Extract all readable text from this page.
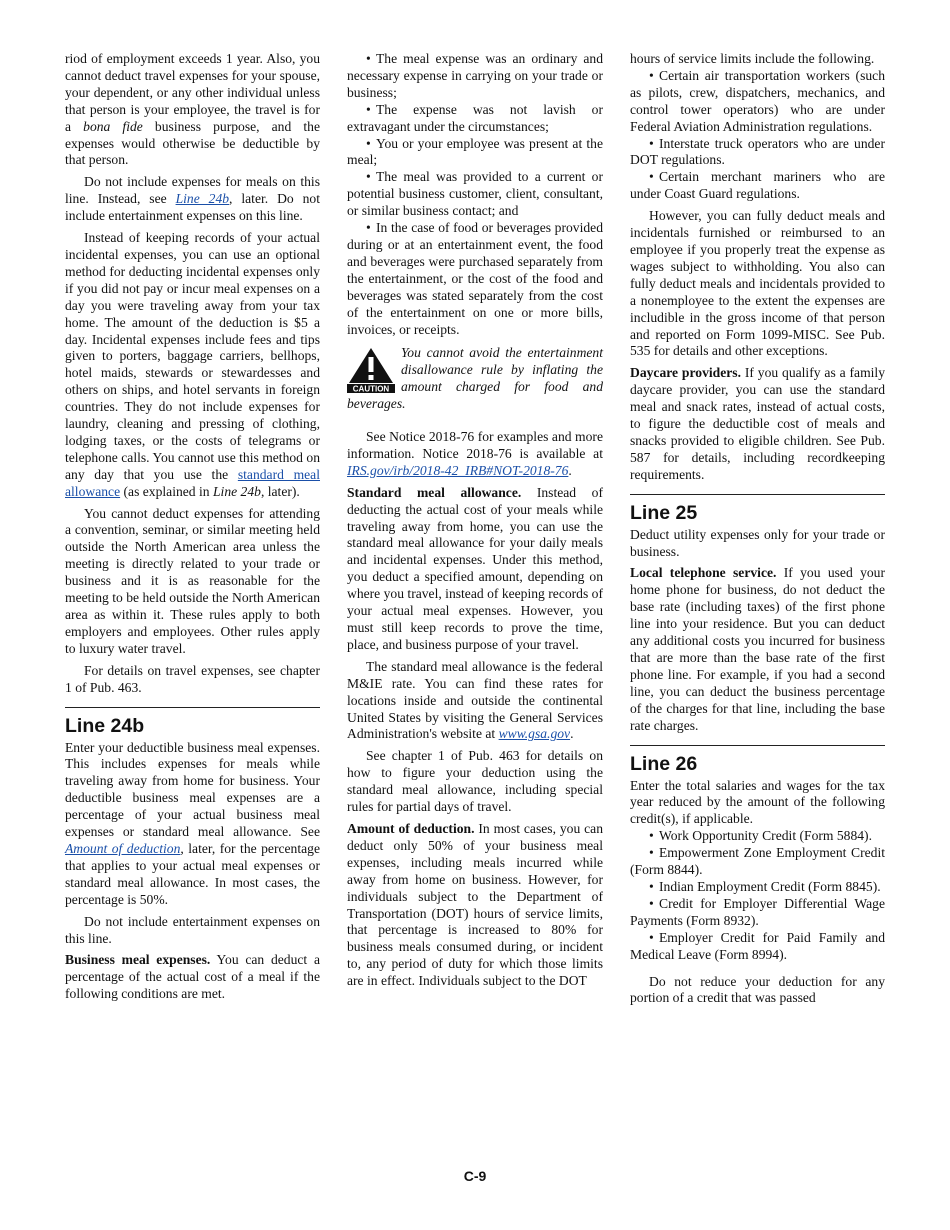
riod of employment exceeds 1 year. Also, you cannot deduct travel expenses for your spouse, your dependent, or any other individual unless that person is your employee, the travel is for a bona fide business purpose, and the expenses would otherwise be deductible by that person.

Do not include expenses for meals on this line. Instead, see Line 24b, later. Do not include entertainment expenses on this line.

Instead of keeping records of your actual incidental expenses, you can use an optional method for deducting incidental expenses only if you did not pay or incur meal expenses on a day you were traveling away from your tax home. The amount of the deduction is $5 a day. Incidental expenses include fees and tips given to porters, baggage carriers, bellhops, hotel maids, stewards or stewardesses and others on ships, and hotel servants in foreign countries. They do not include expenses for laundry, cleaning and pressing of clothing, lodging taxes, or the costs of telegrams or telephone calls. You cannot use this method on any day that you use the standard meal allowance (as explained in Line 24b, later).

You cannot deduct expenses for attending a convention, seminar, or similar meeting held outside the North American area unless the meeting is directly related to your trade or business and it is as reasonable for the meeting to be held outside the North American area as within it. These rules apply to both employers and employees. Other rules apply to luxury water travel.

For details on travel expenses, see chapter 1 of Pub. 463.

Line 24b

Enter your deductible business meal expenses. This includes expenses for meals while traveling away from home for business. Your deductible business meal expenses are a percentage of your actual business meal expenses or standard meal allowance. See Amount of deduction, later, for the percentage that applies to your actual meal expenses or standard meal allowance. In most cases, the percentage is 50%.

Do not include entertainment expenses on this line.

Business meal expenses. You can deduct a percentage of the actual cost of a meal if the following conditions are met.

• The meal expense was an ordinary and necessary expense in carrying on your trade or business;

• The expense was not lavish or extravagant under the circumstances;

• You or your employee was present at the meal;

• The meal was provided to a current or potential business customer, client, consultant, or similar business contact; and

• In the case of food or beverages provided during or at an entertainment event, the food and beverages were purchased separately from the entertainment, or the cost of the food and beverages was stated separately from the cost of the entertainment on one or more bills, invoices, or receipts.

CAUTION
You cannot avoid the entertainment disallowance rule by inflating the amount charged for food and beverages.

See Notice 2018-76 for examples and more information. Notice 2018-76 is available at IRS.gov/irb/2018-42_IRB#NOT-2018-76.

Standard meal allowance. Instead of deducting the actual cost of your meals while traveling away from home, you can use the standard meal allowance for your daily meals and incidental expenses. Under this method, you deduct a specified amount, depending on where you travel, instead of keeping records of your actual meal expenses. However, you must still keep records to prove the time, place, and business purpose of your travel.

The standard meal allowance is the federal M&IE rate. You can find these rates for locations inside and outside the continental United States by visiting the General Services Administration's website at www.gsa.gov.

See chapter 1 of Pub. 463 for details on how to figure your deduction using the standard meal allowance, including special rules for partial days of travel.

Amount of deduction. In most cases, you can deduct only 50% of your business meal expenses, including meals incurred while away from home on business. However, for individuals subject to the Department of Transportation (DOT) hours of service limits, that percentage is increased to 80% for business meals consumed during, or incident to, any period of duty for which those limits are in effect. Individuals subject to the DOT

hours of service limits include the following.

• Certain air transportation workers (such as pilots, crew, dispatchers, mechanics, and control tower operators) who are under Federal Aviation Administration regulations.

• Interstate truck operators who are under DOT regulations.

• Certain merchant mariners who are under Coast Guard regulations.

However, you can fully deduct meals and incidentals furnished or reimbursed to an employee if you properly treat the expense as wages subject to withholding. You also can fully deduct meals and incidentals provided to a nonemployee to the extent the expenses are includible in the gross income of that person and reported on Form 1099-MISC. See Pub. 535 for details and other exceptions.

Daycare providers. If you qualify as a family daycare provider, you can use the standard meal and snack rates, instead of actual costs, to figure the deductible cost of meals and snacks provided to eligible children. See Pub. 587 for details, including recordkeeping requirements.

Line 25

Deduct utility expenses only for your trade or business.

Local telephone service. If you used your home phone for business, do not deduct the base rate (including taxes) of the first phone line into your residence. But you can deduct any additional costs you incurred for business that are more than the base rate of the first phone line. For example, if you had a second line, you can deduct the business percentage of the charges for that line, including the base rate charges.

Line 26

Enter the total salaries and wages for the tax year reduced by the amount of the following credit(s), if applicable.

• Work Opportunity Credit (Form 5884).

• Empowerment Zone Employment Credit (Form 8844).

• Indian Employment Credit (Form 8845).

• Credit for Employer Differential Wage Payments (Form 8932).

• Employer Credit for Paid Family and Medical Leave (Form 8994).

Do not reduce your deduction for any portion of a credit that was passed

C-9
